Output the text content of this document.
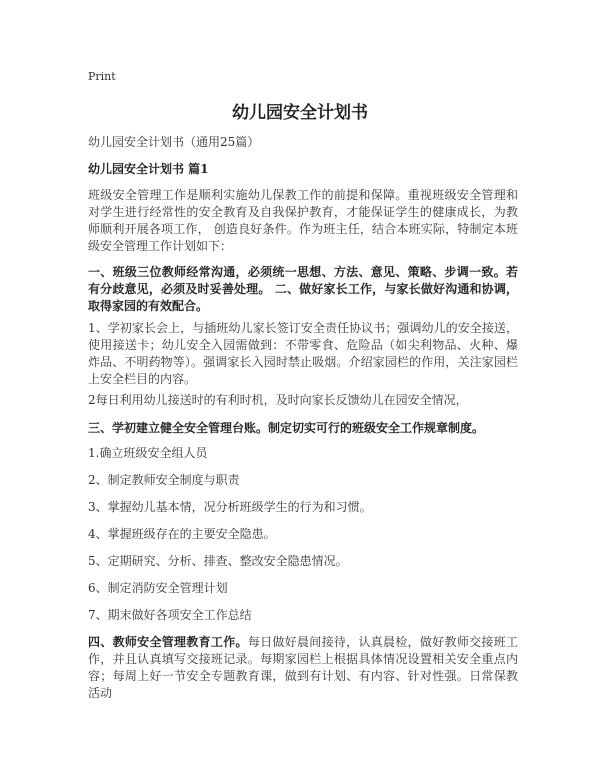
Print
幼儿园安全计划书
幼儿园安全计划书（通用25篇）
幼儿园安全计划书 篇1
班级安全管理工作是顺利实施幼儿保教工作的前提和保障。重视班级安全管理和对学生进行经常性的安全教育及自我保护教育，才能保证学生的健康成长，为教师顺利开展各项工作， 创造良好条件。作为班主任，结合本班实际，特制定本班级安全管理工作计划如下：
一、班级三位教师经常沟通，必须统一思想、方法、意见、策略、步调一致。若有分歧意见，必须及时妥善处理。 二、做好家长工作，与家长做好沟通和协调，取得家园的有效配合。
1、学初家长会上，与插班幼儿家长签订安全责任协议书；强调幼儿的安全接送，使用接送卡；幼儿安全入园需做到：不带零食、危险品（如尖利物品、火种、爆炸品、不明药物等）。强调家长入园时禁止吸烟。介绍家园栏的作用，关注家园栏上安全栏目的内容。
2每日利用幼儿接送时的有利时机，及时向家长反馈幼儿在园安全情况，
三、学初建立健全安全管理台账。制定切实可行的班级安全工作规章制度。
1.确立班级安全组人员
2、制定教师安全制度与职责
3、掌握幼儿基本情，况分析班级学生的行为和习惯。
4、掌握班级存在的主要安全隐患。
5、定期研究、分析、排查、整改安全隐患情况。
6、制定消防安全管理计划
7、期末做好各项安全工作总结
四、教师安全管理教育工作。每日做好晨间接待，认真晨检，做好教师交接班工作，并且认真填写交接班记录。每期家园栏上根据具体情况设置相关安全重点内容；每周上好一节安全专题教育课，做到有计划、有内容、针对性强。日常保教活动
